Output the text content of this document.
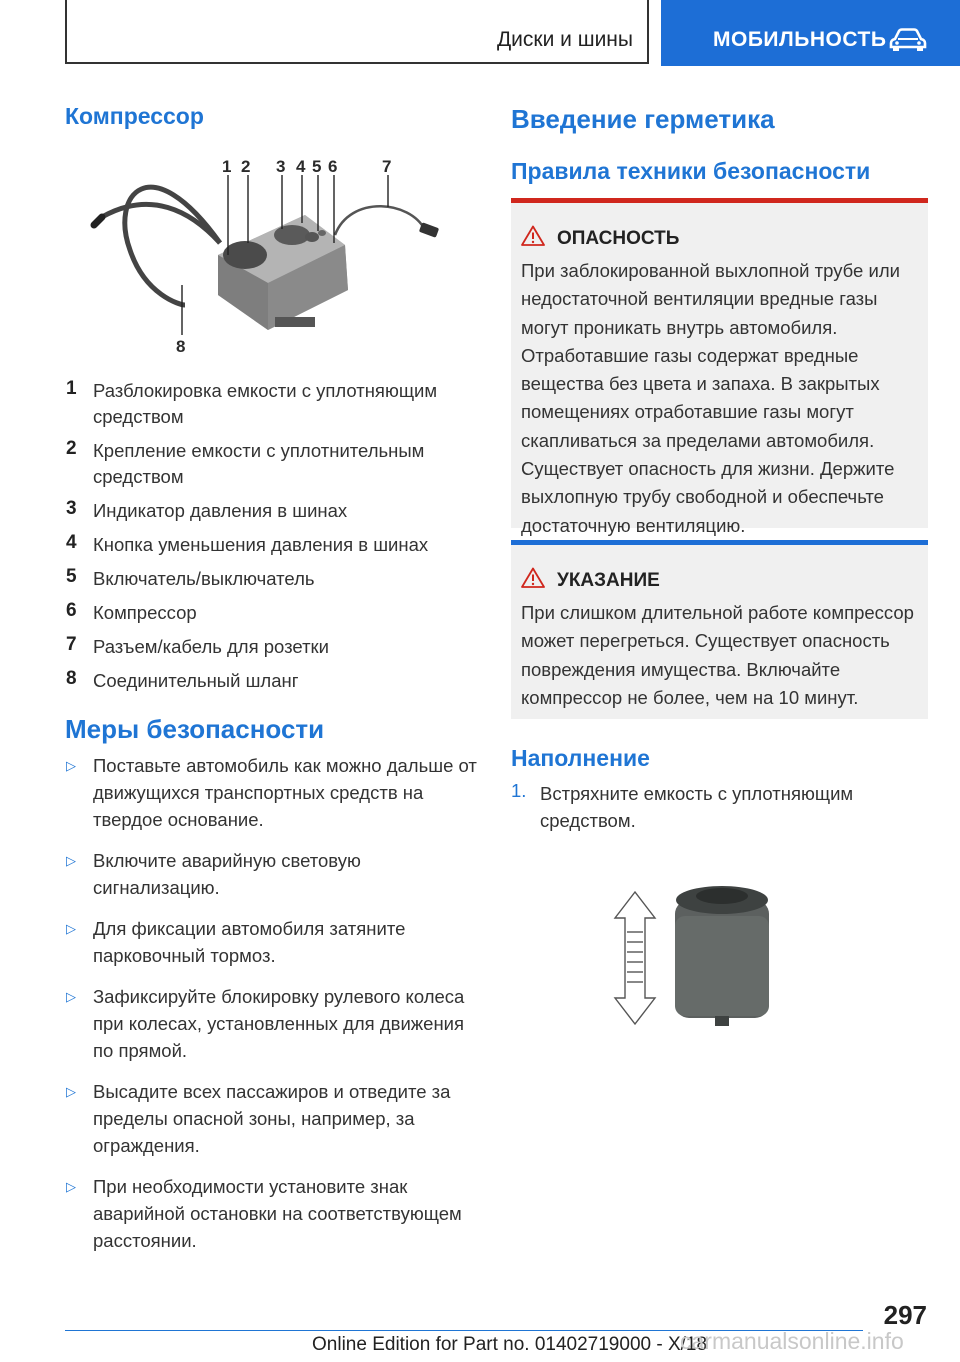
Диски и шины	МОБИЛЬНОСТЬ
Компрессор
1 2 3 4 5 6	7
8
1 Разблокировка емкости с уплотняющим средством
2 Крепление емкости с уплотнительным средством
3 Индикатор давления в шинах
4 Кнопка уменьшения давления в шинах
5 Включатель/выключатель
6 Компрессор
7 Разъем/кабель для розетки
8 Соединительный шланг
Меры безопасности
▷ Поставьте автомобиль как можно дальше от движущихся транспортных средств на твердое основание.
▷ Включите аварийную световую сигнализацию.
▷ Для фиксации автомобиля затяните парковочный тормоз.
▷ Зафиксируйте блокировку рулевого колеса при колесах, установленных для движения по прямой.
▷ Высадите всех пассажиров и отведите за пределы опасной зоны, например, за ограждения.
▷ При необходимости установите знак аварийной остановки на соответствующем расстоянии.
Введение герметика
Правила техники безопасности
ОПАСНОСТЬ
При заблокированной выхлопной трубе или недостаточной вентиляции вредные газы могут проникать внутрь автомобиля. Отработавшие газы содержат вредные вещества без цвета и запаха. В закрытых помещениях отработавшие газы могут скапливаться за пределами автомобиля. Существует опасность для жизни. Держите выхлопную трубу свободной и обеспечьте достаточную вентиляцию.
УКАЗАНИЕ
При слишком длительной работе компрессор может перегреться. Существует опасность повреждения имущества. Включайте компрессор не более, чем на 10 минут.
Наполнение
1. Встряхните емкость с уплотняющим средством.
297
Online Edition for Part no. 01402719000 - X/18
carmanualsonline.info
